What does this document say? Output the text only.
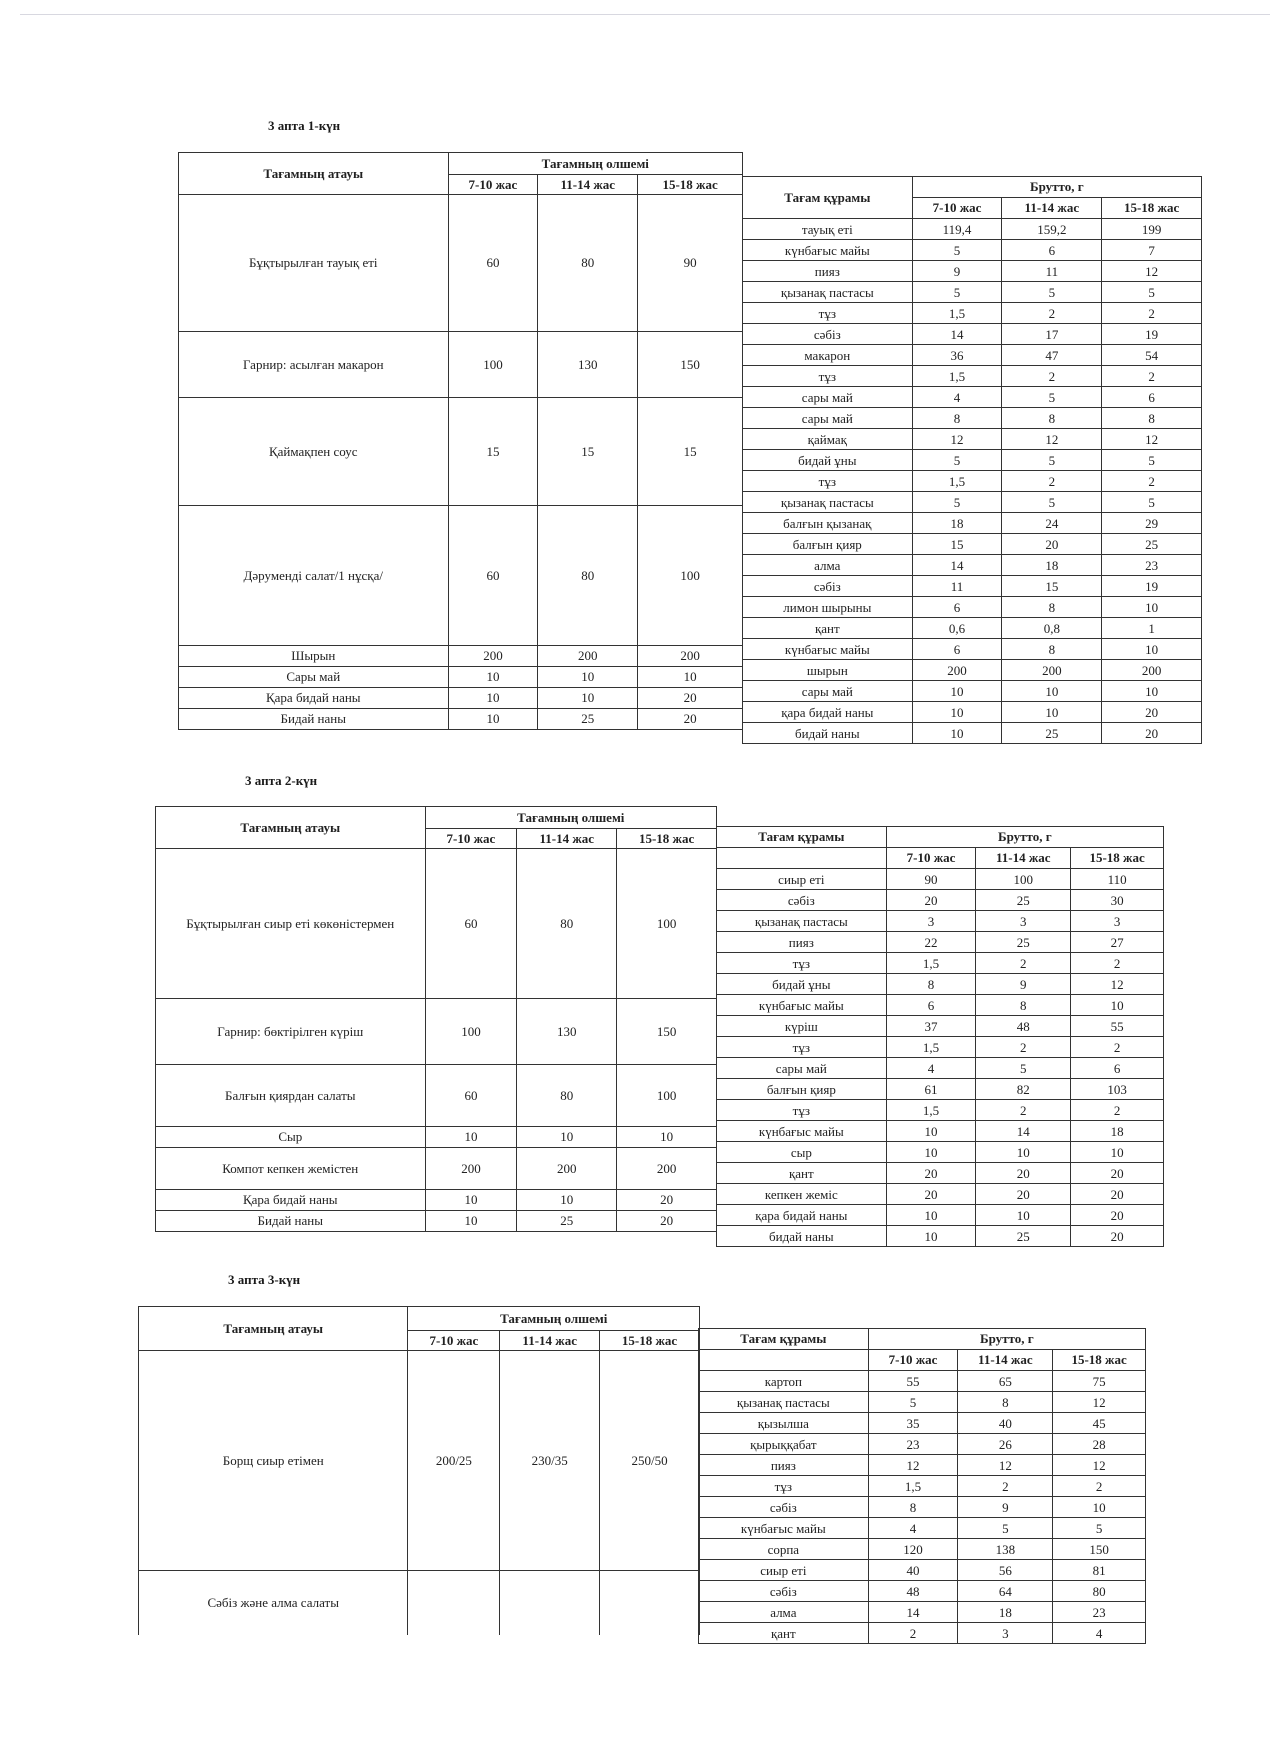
3 апта 1-күн
Тағамның атауы	Тағамның олшемі		
	7-10 жас	11-14 жас	15-18 жас
Бұқтырылған тауық еті	60	80	90
Гарнир: асылған макарон	100	130	150
Қаймақпен соус	15	15	15
Дәрумендi салат/1 нұсқа/	60	80	100
Шырын	200	200	200
Сары май	10	10	10
Қара бидай наны	10	10	20
Бидай наны	10	25	20
Тағам құрамы	Брутто, г		
	7-10 жас	11-14 жас	15-18 жас
тауық етi	119,4	159,2	199
күнбағыс майы	5	6	7
пияз	9	11	12
қызанақ пастасы	5	5	5
тұз	1,5	2	2
сәбiз	14	17	19
макарон	36	47	54
тұз	1,5	2	2
сары май	4	5	6
сары май	8	8	8
қаймақ	12	12	12
бидай ұны	5	5	5
тұз	1,5	2	2
қызанақ пастасы	5	5	5
балғын қызанақ	18	24	29
балғын қияр	15	20	25
алма	14	18	23
сәбiз	11	15	19
лимон шырыны	6	8	10
қант	0,6	0,8	1
күнбағыс майы	6	8	10
шырын	200	200	200
сары май	10	10	10
қара бидай наны	10	10	20
бидай наны	10	25	20
3 апта 2-күн
Тағамның атауы	Тағамның олшемі		
	7-10 жас	11-14 жас	15-18 жас
Бұқтырылған сиыр етi көкөнiстермен	60	80	100
Гарнир: бөктiрiлген күрiш	100	130	150
Балғын қиярдан салаты	60	80	100
Сыр	10	10	10
Компот кепкен жемiстен	200	200	200
Қара бидай наны	10	10	20
Бидай наны	10	25	20
Тағам құрамы	Брутто, г		
	7-10 жас	11-14 жас	15-18 жас
сиыр етi	90	100	110
сәбiз	20	25	30
қызанақ пастасы	3	3	3
пияз	22	25	27
тұз	1,5	2	2
бидай ұны	8	9	12
күнбағыс майы	6	8	10
күрiш	37	48	55
тұз	1,5	2	2
сары май	4	5	6
балғын қияр	61	82	103
тұз	1,5	2	2
күнбағыс майы	10	14	18
сыр	10	10	10
қант	20	20	20
кепкен жемiс	20	20	20
қара бидай наны	10	10	20
бидай наны	10	25	20
3 апта 3-күн
Тағамның атауы	Тағамның олшемі		
	7-10 жас	11-14 жас	15-18 жас
Борщ сиыр етiмен	200/25	230/35	250/50
Сәбiз және алма салаты			
Тағам құрамы	Брутто, г		
	7-10 жас	11-14 жас	15-18 жас
картоп	55	65	75
қызанақ пастасы	5	8	12
қызылша	35	40	45
қырыққабат	23	26	28
пияз	12	12	12
тұз	1,5	2	2
сәбiз	8	9	10
күнбағыс майы	4	5	5
сорпа	120	138	150
сиыр етi	40	56	81
сәбiз	48	64	80
алма	14	18	23
қант	2	3	4
